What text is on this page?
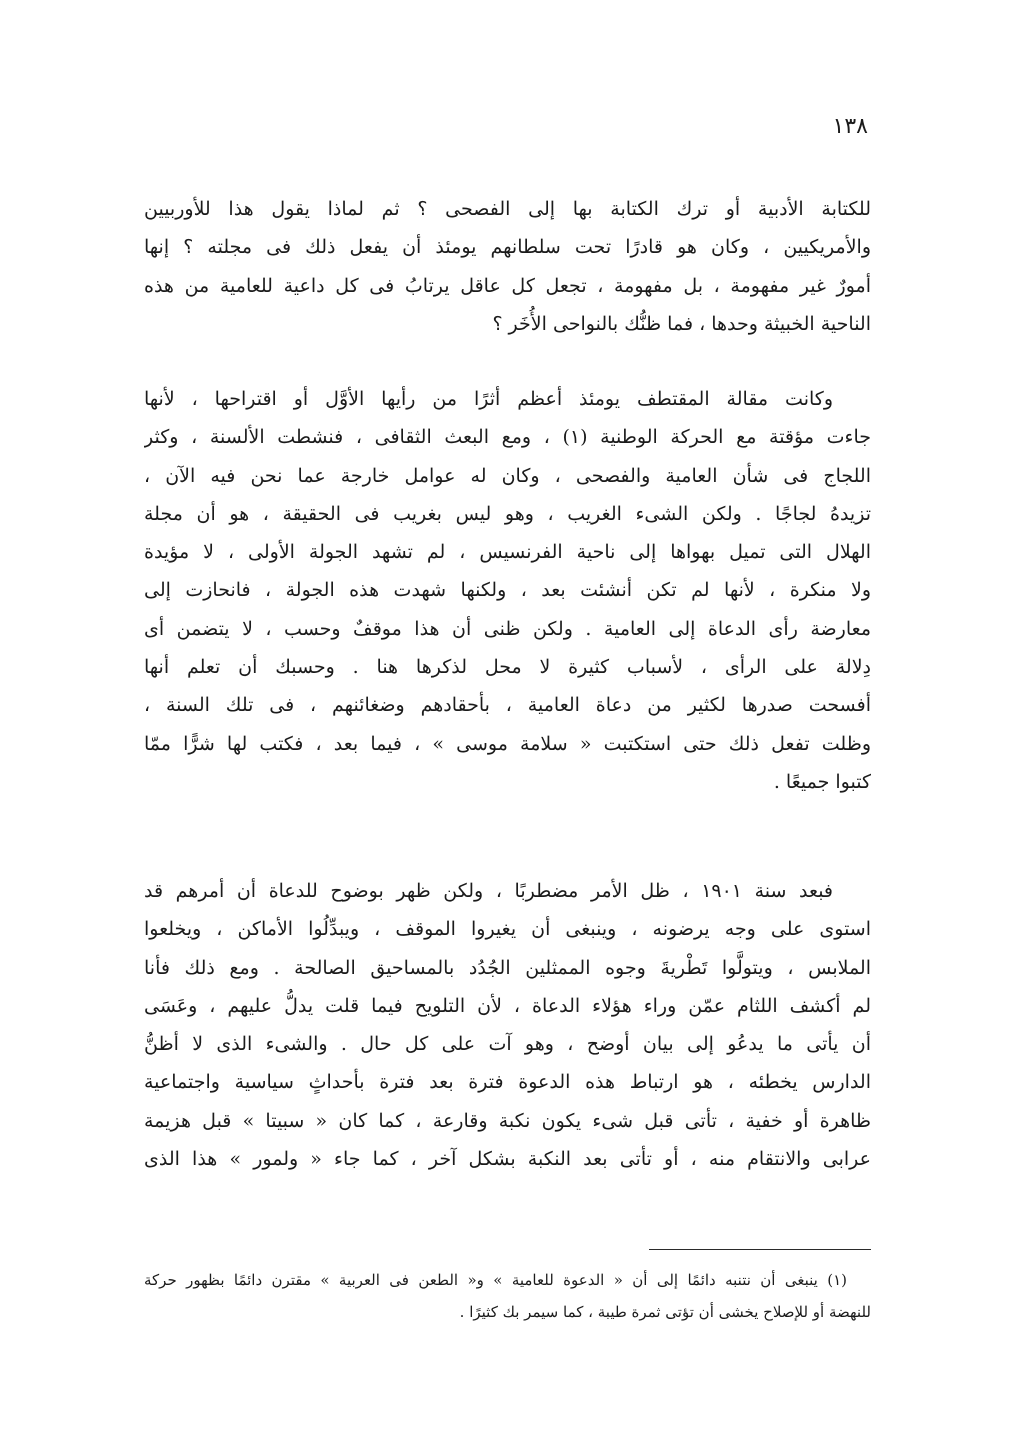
١٣٨
للكتابة الأدبية أو ترك الكتابة بها إلى الفصحى ؟ ثم لماذا يقول هذا للأوربيين
والأمريكيين ، وكان هو قادرًا تحت سلطانهم يومئذ أن يفعل ذلك فى مجلته ؟ إنها
أمورٌ غير مفهومة ، بل مفهومة ، تجعل كل عاقل يرتابُ فى كل داعية للعامية من هذه
الناحية الخبيثة وحدها ، فما ظنُّك بالنواحى الأُخَر ؟
وكانت مقالة المقتطف يومئذ أعظم أثرًا من رأيها الأوَّل أو اقتراحها ، لأنها
جاءت مؤقتة مع الحركة الوطنية (١) ، ومع البعث الثقافى ، فنشطت الألسنة ، وكثر
اللجاج فى شأن العامية والفصحى ، وكان له عوامل خارجة عما نحن فيه الآن ،
تزيدهُ لجاجًا . ولكن الشىء الغريب ، وهو ليس بغريب فى الحقيقة ، هو أن مجلة
الهلال التى تميل بهواها إلى ناحية الفرنسيس ، لم تشهد الجولة الأولى ، لا مؤيدة
ولا منكرة ، لأنها لم تكن أنشئت بعد ، ولكنها شهدت هذه الجولة ، فانحازت إلى
معارضة رأى الدعاة إلى العامية . ولكن ظنى أن هذا موقفٌ وحسب ، لا يتضمن أى
دِلالة على الرأى ، لأسباب كثيرة لا محل لذكرها هنا . وحسبك أن تعلم أنها
أفسحت صدرها لكثير من دعاة العامية ، بأحقادهم وضغائنهم ، فى تلك السنة ،
وظلت تفعل ذلك حتى استكتبت « سلامة موسى » ، فيما بعد ، فكتب لها شرًّا ممّا
كتبوا جميعًا .
فبعد سنة ١٩٠١ ، ظل الأمر مضطربًا ، ولكن ظهر بوضوح للدعاة أن أمرهم قد
استوى على وجه يرضونه ، وينبغى أن يغيروا الموقف ، ويبدِّلُوا الأماكن ، ويخلعوا
الملابس ، ويتولَّوا تَطْريةَ وجوه الممثلين الجُدُد بالمساحيق الصالحة . ومع ذلك فأنا
لم أكشف اللثام عمّن وراء هؤلاء الدعاة ، لأن التلويح فيما قلت يدلُّ عليهم ، وعَسَى
أن يأتى ما يدعُو إلى بيان أوضح ، وهو آت على كل حال . والشىء الذى لا أظنُّ
الدارس يخطئه ، هو ارتباط هذه الدعوة فترة بعد فترة بأحداثٍ سياسية واجتماعية
ظاهرة أو خفية ، تأتى قبل شىء يكون نكبة وقارعة ، كما كان « سبيتا » قبل هزيمة
عرابى والانتقام منه ، أو تأتى بعد النكبة بشكل آخر ، كما جاء « ولمور » هذا الذى
(١) ينبغى أن نتنبه دائمًا إلى أن « الدعوة للعامية » و« الطعن فى العربية » مقترن دائمًا بظهور حركة
للنهضة أو للإصلاح يخشى أن تؤتى ثمرة طيبة ، كما سيمر بك كثيرًا .
